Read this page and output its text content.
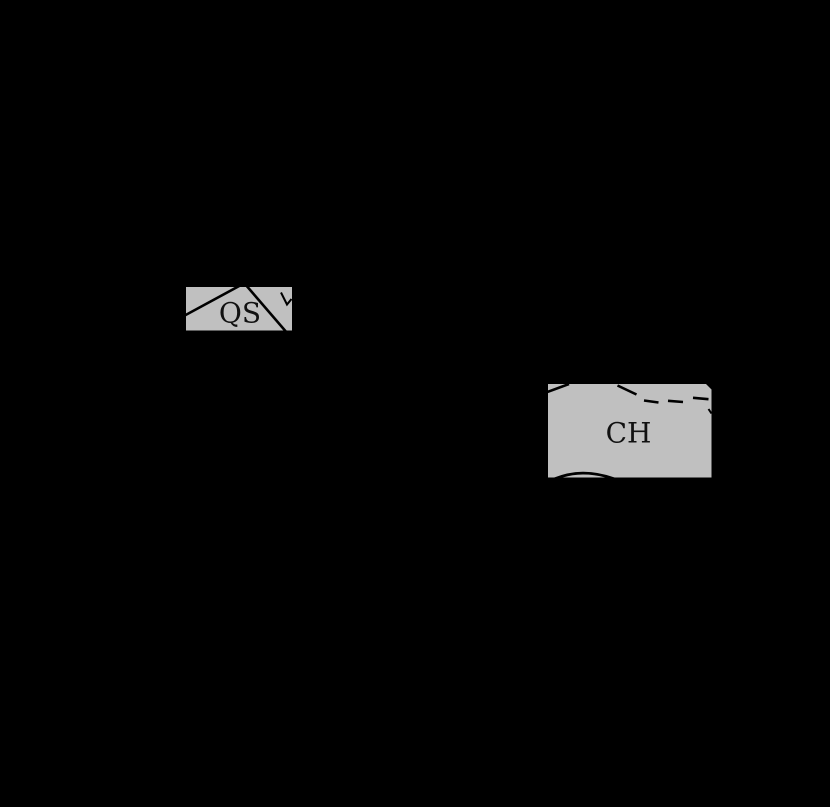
QS
CH
